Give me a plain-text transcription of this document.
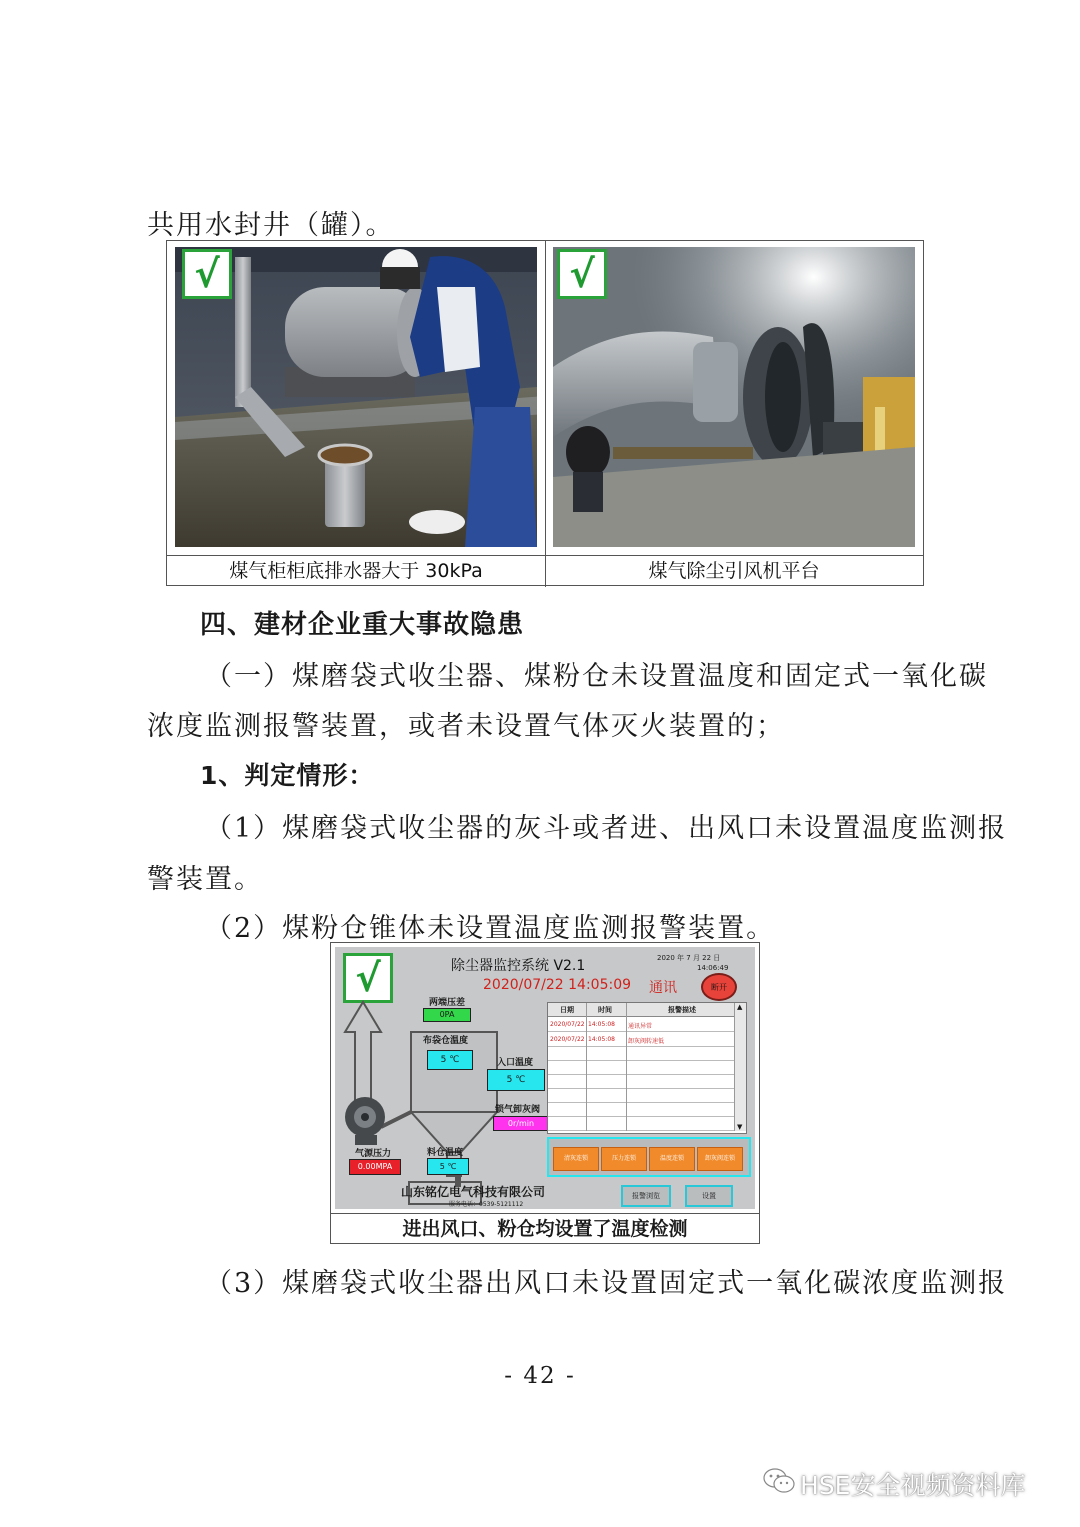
共用水封井（罐）。
√	√
煤气柜柜底排水器大于 30kPa	煤气除尘引风机平台
四、建材企业重大事故隐患
（一）煤磨袋式收尘器、煤粉仓未设置温度和固定式一氧化碳
浓度监测报警装置，或者未设置气体灭火装置的；
1、判定情形：
（1）煤磨袋式收尘器的灰斗或者进、出风口未设置温度监测报
警装置。
（2）煤粉仓锥体未设置温度监测报警装置。
√	除尘器监控系统 V2.1	2020 年 7 月 22 日
14:06:49
2020/07/22 14:05:09 通讯	断开
两端压差
0PA
布袋仓温度
5 ℃	入口温度
5 ℃
锁气卸灰阀
0r/min
气源压力
0.00MPA
料仓温度
5 ℃
日期	时间	报警描述
2020/07/22 14:05:08 通讯异常
2020/07/22 14:05:08 卸灰阀转速低
▲
▼
清灰连锁	压力连锁	温度连锁	卸灰阀连锁
山东铭亿电气科技有限公司
服务电话：0539-5121112
报警浏览	设置
进出风口、粉仓均设置了温度检测
（3）煤磨袋式收尘器出风口未设置固定式一氧化碳浓度监测报
- 42 -
HSE安全视频资料库
